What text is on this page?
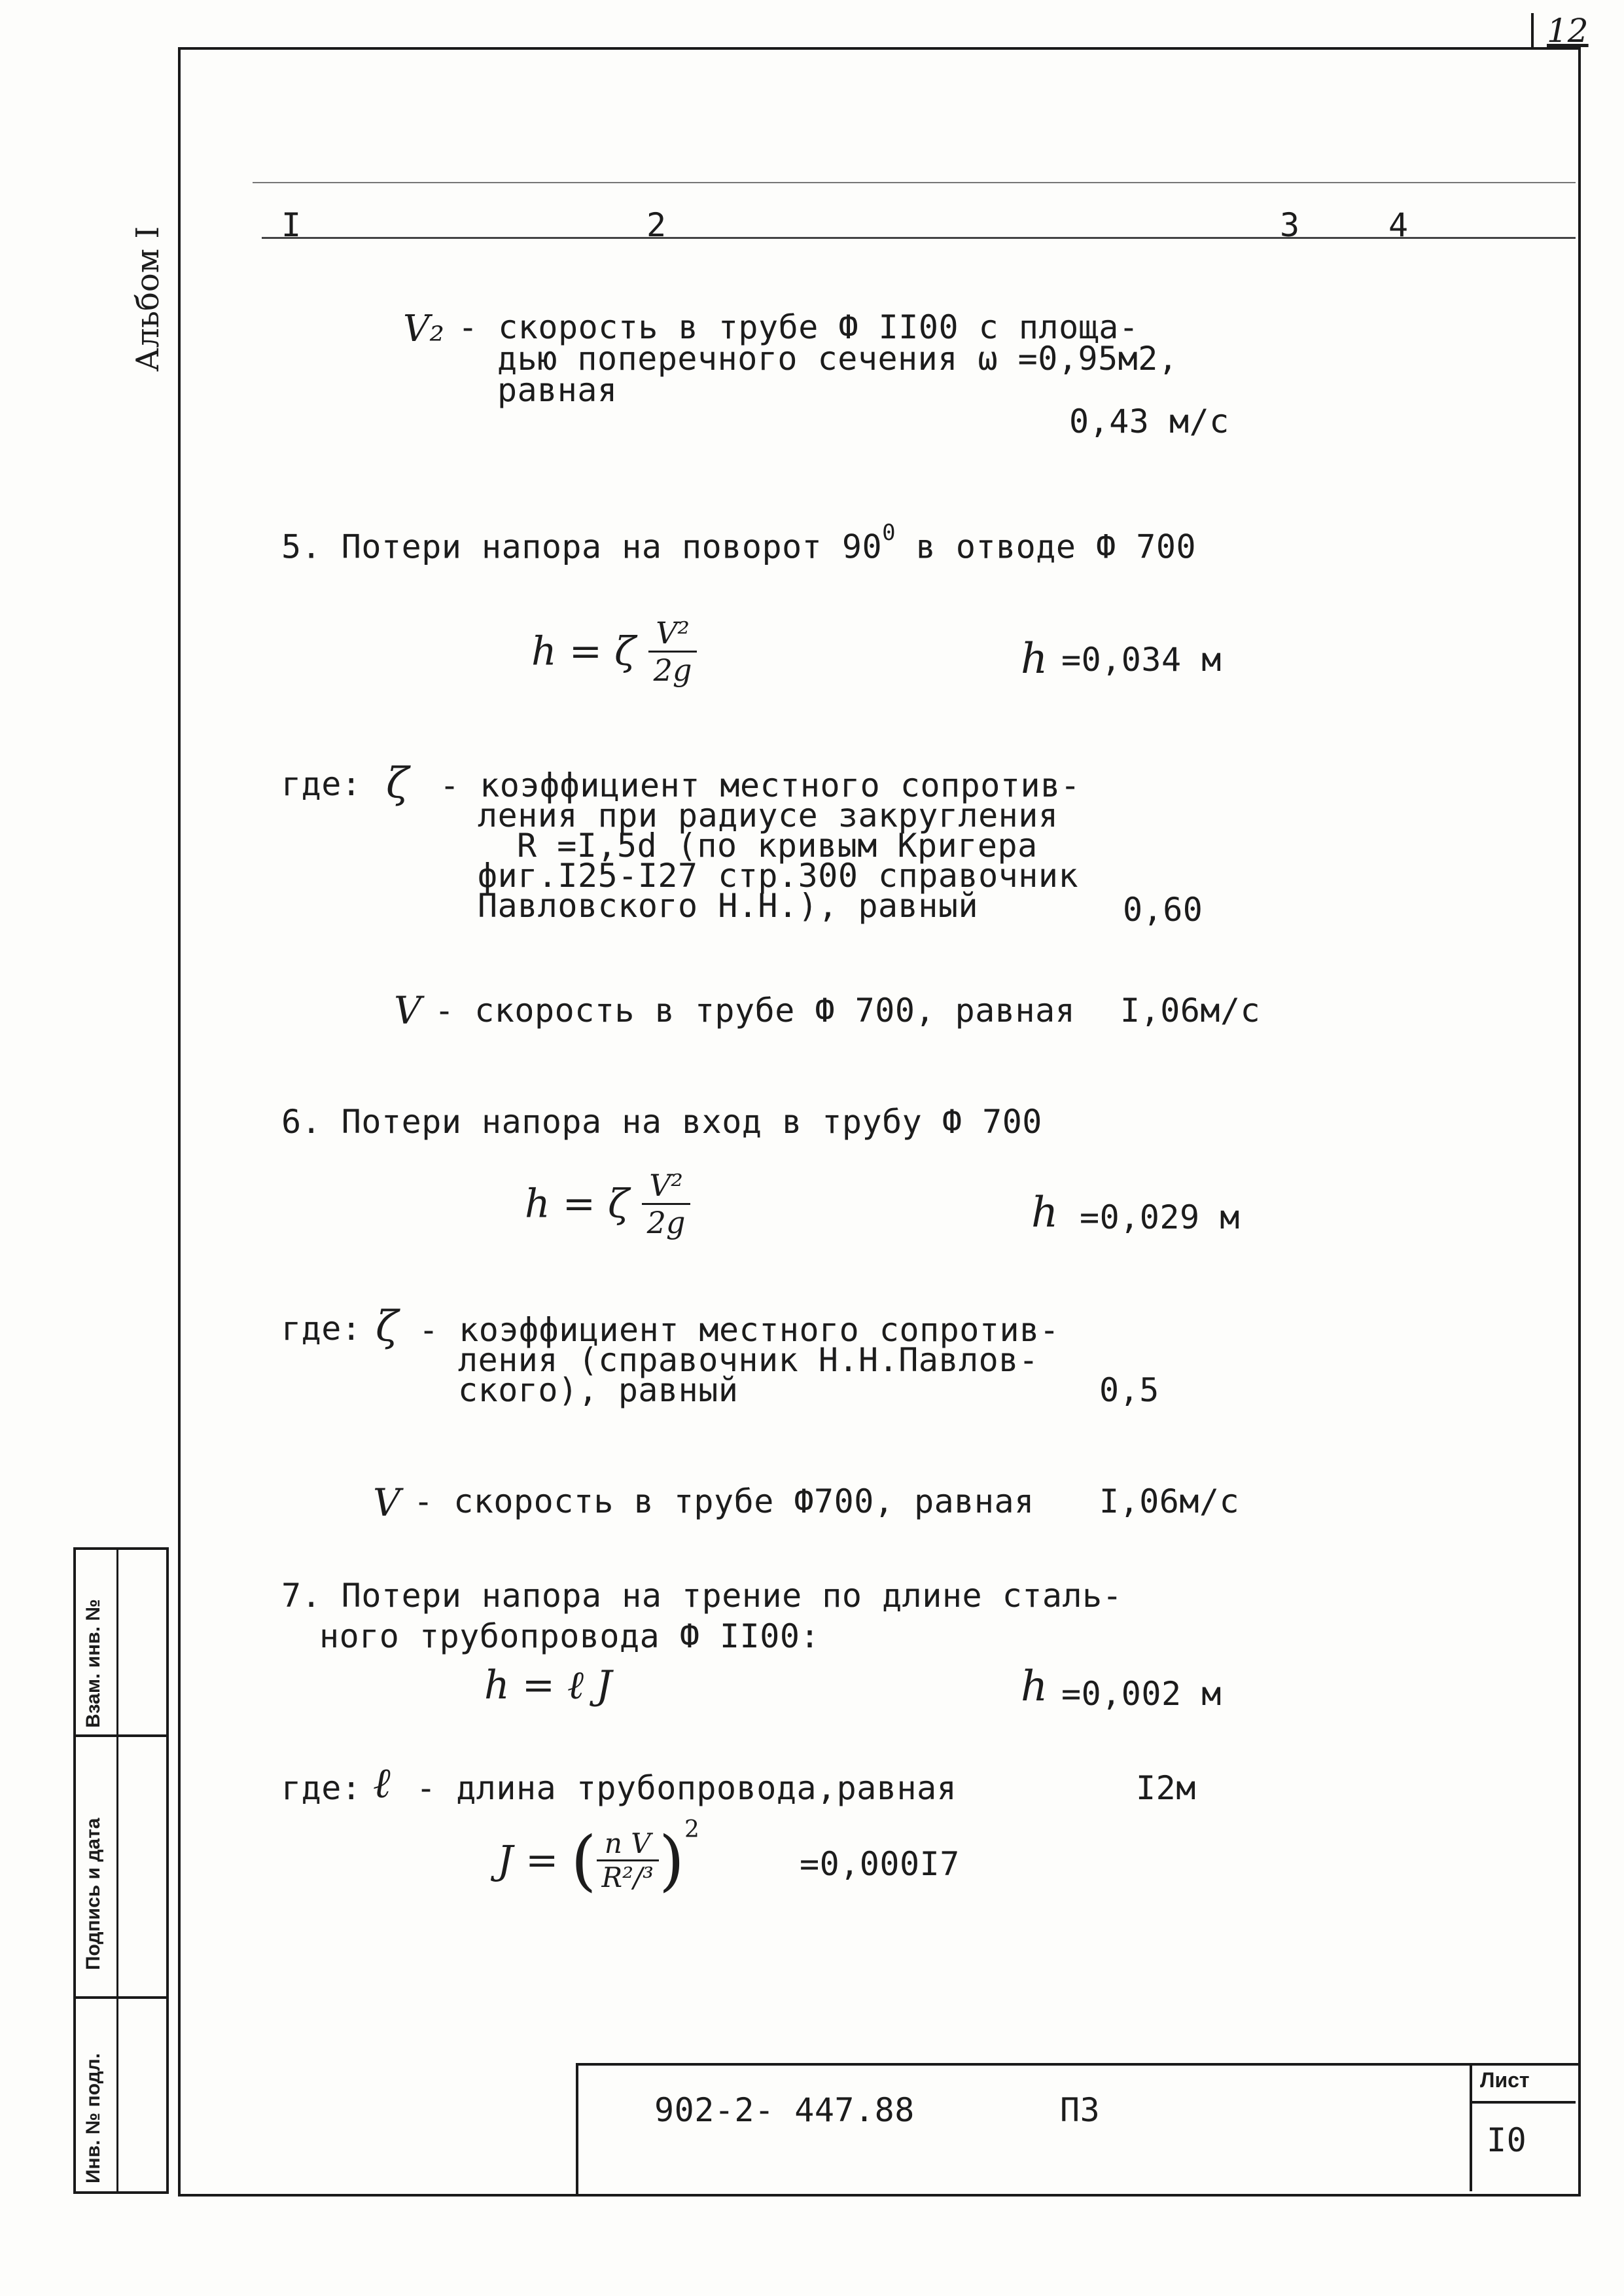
12
Альбом I
I	2	3	4
V₂ - скорость в трубе Ф II00 с площа-
дью поперечного сечения ω =0,95м2,
равная
0,43 м/с
5. Потери напора на поворот $90^0$ в отводе Ф 700
h = ζ $\frac{\text{V²}}{2g}$	h =0,034 м
где: ζ - коэффициент местного сопротив-
ления при радиусе закругления
R =I,5d (по кривым Кригера
фиг.I25-I27 стр.300 справочник
Павловского Н.Н.), равный	0,60
V - скорость в трубе Ф 700, равная I,06м/с
6. Потери напора на вход в трубу Ф 700
h = ζ $\frac{\text{V²}}{2g}$	h =0,029 м
где: ζ - коэффициент местного сопротив-
ления (справочник Н.Н.Павлов-
ского), равный	0,5
V - скорость в трубе Ф700, равная I,06м/с
7. Потери напора на трение по длине сталь-
ного трубопровода Ф II00:
h = ℓ J	h =0,002 м
где: ℓ - длина трубопровода,равная	I2м
J = ( $\frac{\text{n V}}{\text{R²/³}} )^2$
=0,000I7
Инв. № подл.
Подпись и дата
Взам. инв. №
902-2- 447.88	ПЗ
Лист
I0
